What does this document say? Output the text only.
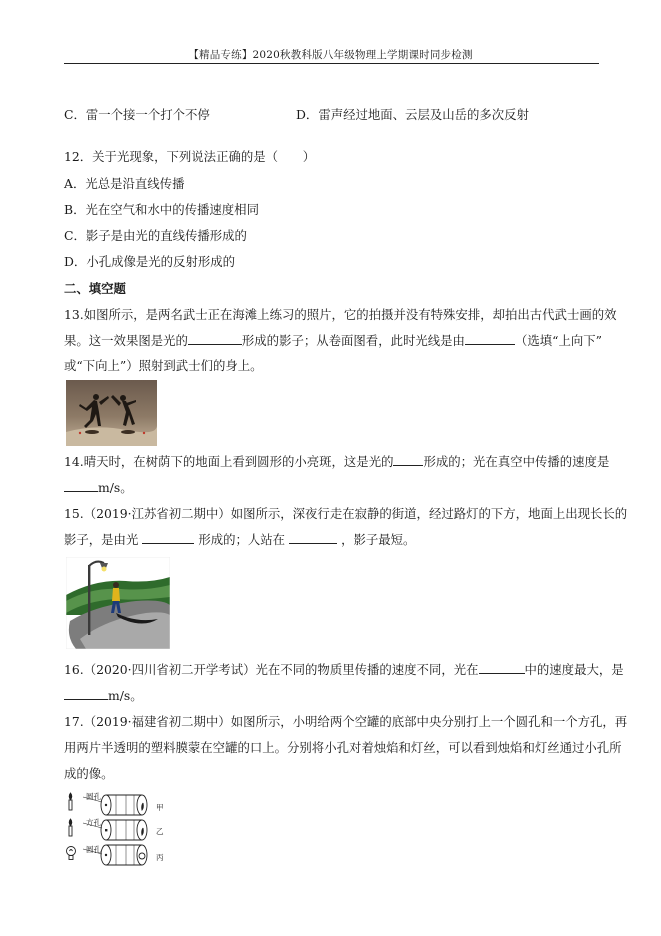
【精品专练】2020秋教科版八年级物理上学期课时同步检测
C．雷一个接一个打个不停	D．雷声经过地面、云层及山岳的多次反射
12．关于光现象，下列说法正确的是（　　）
A．光总是沿直线传播
B．光在空气和水中的传播速度相同
C．影子是由光的直线传播形成的
D．小孔成像是光的反射形成的
二、填空题
13.如图所示，是两名武士正在海滩上练习的照片，它的拍摄并没有特殊安排，却拍出古代武士画的效
果。这一效果图是光的	形成的影子；从卷面图看，此时光线是由	（选填“上向下”
或“下向上”）照射到武士们的身上。
14.晴天时，在树荫下的地面上看到圆形的小亮斑，这是光的 形成的；光在真空中传播的速度是
m/s。
15.（2019·江苏省初二期中）如图所示，深夜行走在寂静的街道，经过路灯的下方，地面上出现长长的
影子，是由光	形成的；人站在	，影子最短。
16.（2020·四川省初二开学考试）光在不同的物质里传播的速度不同，光在	中的速度最大，是
m/s。
17.（2019·福建省初二期中）如图所示，小明给两个空罐的底部中央分别打上一个圆孔和一个方孔，再
用两片半透明的塑料膜蒙在空罐的口上。分别将小孔对着烛焰和灯丝，可以看到烛焰和灯丝通过小孔所
成的像。
圆孔
方孔
圆孔
甲
乙
丙
